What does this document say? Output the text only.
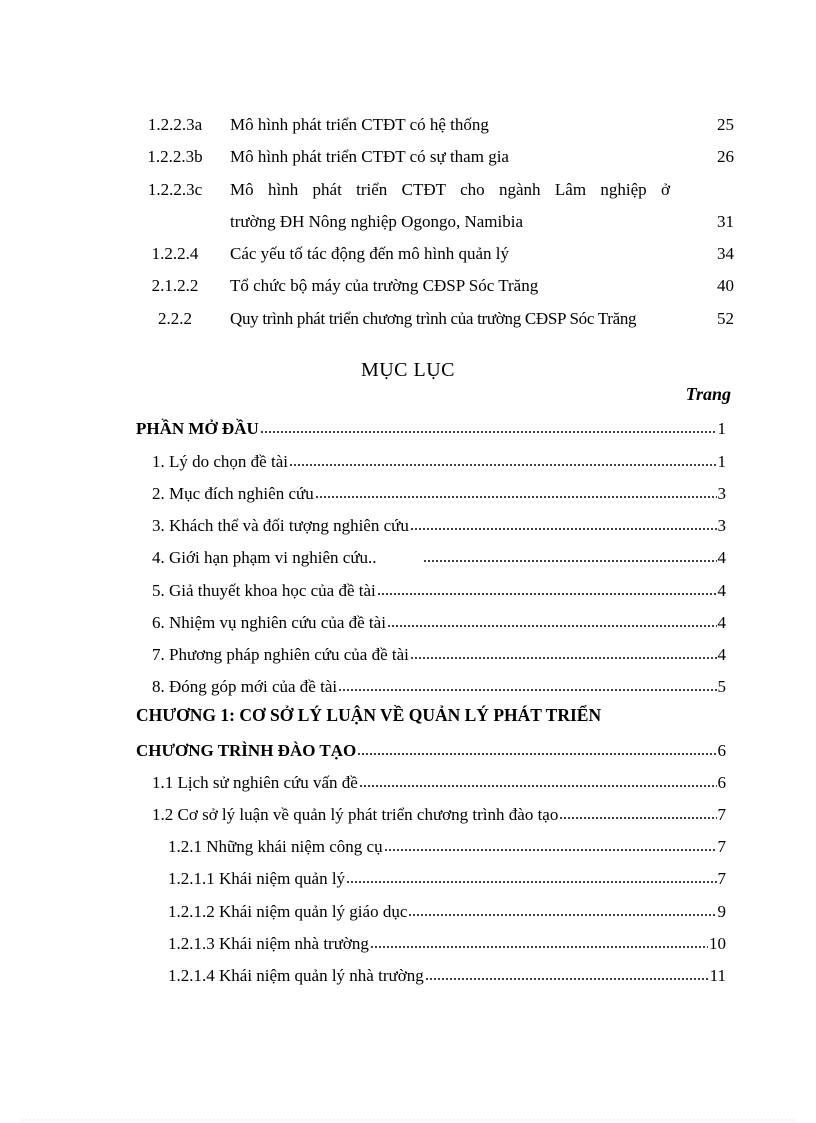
1.2.2.3a	Mô hình phát triển CTĐT có hệ thống	25
1.2.2.3b	Mô hình phát triển CTĐT có sự tham gia	26
1.2.2.3c	Mô hình phát triển CTĐT cho ngành Lâm nghiệp ở
trường ĐH Nông nghiệp Ogongo, Namibia	31
1.2.2.4	Các yếu tố tác động đến mô hình quản lý	34
2.1.2.2	Tổ chức bộ máy của trường CĐSP Sóc Trăng	40
2.2.2	Quy trình phát triển chương trình của trường CĐSP Sóc Trăng	52
MỤC LỤC
Trang
PHẦN MỞ ĐẦU	1
1. Lý do chọn đề tài	1
2. Mục đích nghiên cứu	3
3. Khách thể và đối tượng nghiên cứu	3
4. Giới hạn phạm vi nghiên cứu..	4
5. Giả thuyết khoa học của đề tài	4
6. Nhiệm vụ nghiên cứu của đề tài	4
7. Phương pháp nghiên cứu của đề tài	4
8. Đóng góp mới của đề tài	5
CHƯƠNG 1: CƠ SỞ LÝ LUẬN VỀ QUẢN LÝ PHÁT TRIỂN
CHƯƠNG TRÌNH ĐÀO TẠO	6
1.1 Lịch sử nghiên cứu vấn đề	6
1.2 Cơ sở lý luận về quản lý phát triển chương trình đào tạo	7
1.2.1 Những khái niệm công cụ	7
1.2.1.1 Khái niệm quản lý	7
1.2.1.2 Khái niệm quản lý giáo dục	9
1.2.1.3 Khái niệm nhà trường	10
1.2.1.4 Khái niệm quản lý nhà trường	11
